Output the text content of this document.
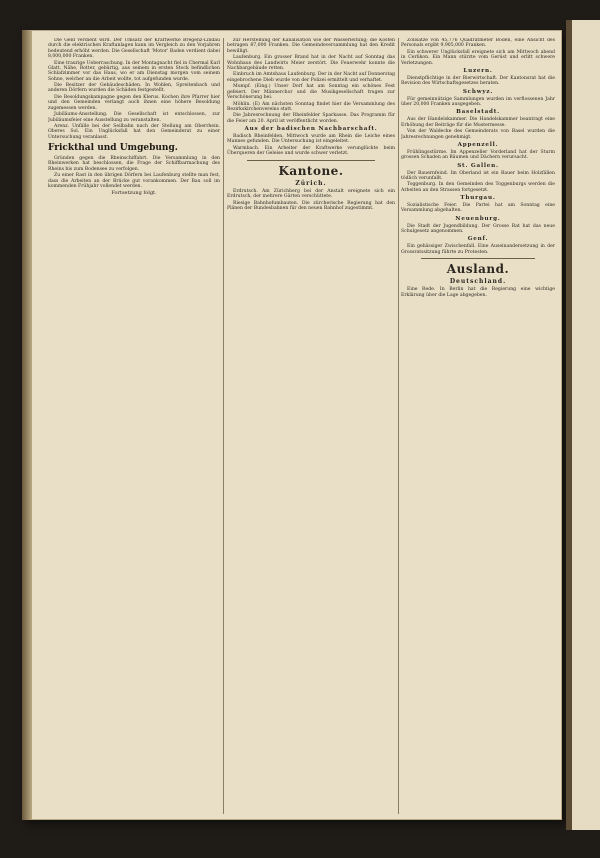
Die Geld verdient wird. Der Umsatz der Kraftwerke Bregenz-Lindau durch die elektrischen Kraftanlagen kann im Vergleich zu den Vorjahren bedeutend erhöht werden. Die Gesellschaft 'Motor' Baden verdient dabei 8,000,000 Franken.

Eine traurige Ueberraschung. In der Montagnacht fiel in Chermal Karl Glatt, Nähe, Rotter, gebürtig, aus seinem in ersten Stock befindlichen Schlafzimmer vor das Haus, wo er am Dienstag morgen vom seinem Sohne, welcher an die Arbeit wollte, tot aufgefunden wurde.

Die Besitzer der Gebäudeschäden. In Wohlen, Spreitenbach und anderen Dörfern wurden die Schäden festgestellt.

Die Besoldungskampagne gegen den Klerus. Kochen ihre Pfarrer hier und den Gemeinden verlangt auch ihnen eine höhere Besoldung zugemessen werden.

Jubiläums-Ansstellung. Die Gesellschaft ist entschlossen, zur Jubiläumsfeier eine Ausstellung zu veranstalten.

Arenz. Unfälle bei der Seilbahn nach der Stellung am Oberrhein. Oberes Sol. Ein Unglücksfall hat den Gemeinderat zu einer Untersuchung veranlasst.

Frickthal und Umgebung.

Gründen gegen die Rheinschiffahrt. Die Versammlung in den Rheinwerken hat beschlossen, die Frage der Schiffbarmachung des Rheins bis zum Bodensee zu verfolgen.

Zu einer Rast in den übrigen Dörfern bei Laufenburg stellte man fest, dass die Arbeiten an der Brücke gut vorankommen. Der Bau soll im kommenden Frühjahr vollendet werden.

Fortsetzung folgt.

zur Herstellung der Kanalisation wie der Wasserleitung; die Kosten betragen 87,000 Franken. Die Gemeindeversammlung hat den Kredit bewilligt.

Laufenburg. Ein grosser Brand hat in der Nacht auf Sonntag das Wohnhaus des Landwirts Meier zerstört. Die Feuerwehr konnte die Nachbargebäude retten.

Einbruch im Amtshaus Laufenburg. Der in der Nacht auf Donnerstag eingebrochene Dieb wurde von der Polizei ermittelt und verhaftet.

Mumpf. (Eing.) Unser Dorf hat am Sonntag ein schönes Fest gefeiert. Der Männerchor und die Musikgesellschaft trugen zur Verschönerung bei.

Möhlin. (E) Am nächsten Sonntag findet hier die Versammlung des Bezirkskirchenvereins statt.

Die Jahresrechnung der Rheinfelder Sparkasse. Das Programm für die Feier am 20. April ist veröffentlicht worden.

Aus der badischen Nachbarschaft.

Badisch Rheinfelden. Mittwoch wurde am Rhein die Leiche eines Mannes gefunden. Die Untersuchung ist eingeleitet.

Warmbach. Ein Arbeiter der Kraftwerke verunglückte beim Überqueren der Geleise und wurde schwer verletzt.

Kantone.
Zürich.

Erdrutsch. Am Zürichberg bei der Anstalt ereignete sich ein Erdrutsch, der mehrere Gärten verschüttete.

Riesige Bahnhofumbauten. Die zürcherische Regierung hat den Plänen der Bundesbahnen für den neuen Bahnhof zugestimmt.

Zollsätze von 45,776 Quadratmeter Boden, eine Ansicht des Personals ergibt 9,905,000 Franken.

Ein schwerer Unglücksfall ereignete sich am Mittwoch abend in Cerlikon. Ein Mann stürzte vom Gerüst und erlitt schwere Verletzungen.

Luzern.

Dienstpflichtige in der Bierwirtschaft. Der Kantonsrat hat die Revision des Wirtschaftsgesetzes beraten.

Schwyz.

Für gemeinnützige Sammlungen wurden im verflossenen Jahr über 20,000 Franken ausgegeben.

Baselstadt.

Aus der Handelskammer. Die Handelskammer beantragt eine Erhöhung der Beiträge für die Mustermesse.

Von der Waldecke des Gemeinderats von Basel wurden die Jahresrechnungen genehmigt.

Appenzell.

Frühlingsstürme. Im Appenzeller Vorderland hat der Sturm grossen Schaden an Bäumen und Dächern verursacht.

St. Gallen.

Der Bauernfeind. Im Oberland ist ein Bauer beim Holzfällen tödlich verunfallt.

Toggenburg. In den Gemeinden des Toggenburgs werden die Arbeiten an den Strassen fortgesetzt.

Thurgau.

Sozialistische Feier. Die Partei hat am Sonntag eine Versammlung abgehalten.

Neuenburg.

Die Stadt der Jugendbildung. Der Grosse Rat hat das neue Schulgesetz angenommen.

Genf.

Ein gehässiger Zwischenfall. Eine Auseinandersetzung in der Grossratssitzung führte zu Protesten.

Ausland.
Deutschland.

Eine Rede. In Berlin hat die Regierung eine wichtige Erklärung über die Lage abgegeben.
